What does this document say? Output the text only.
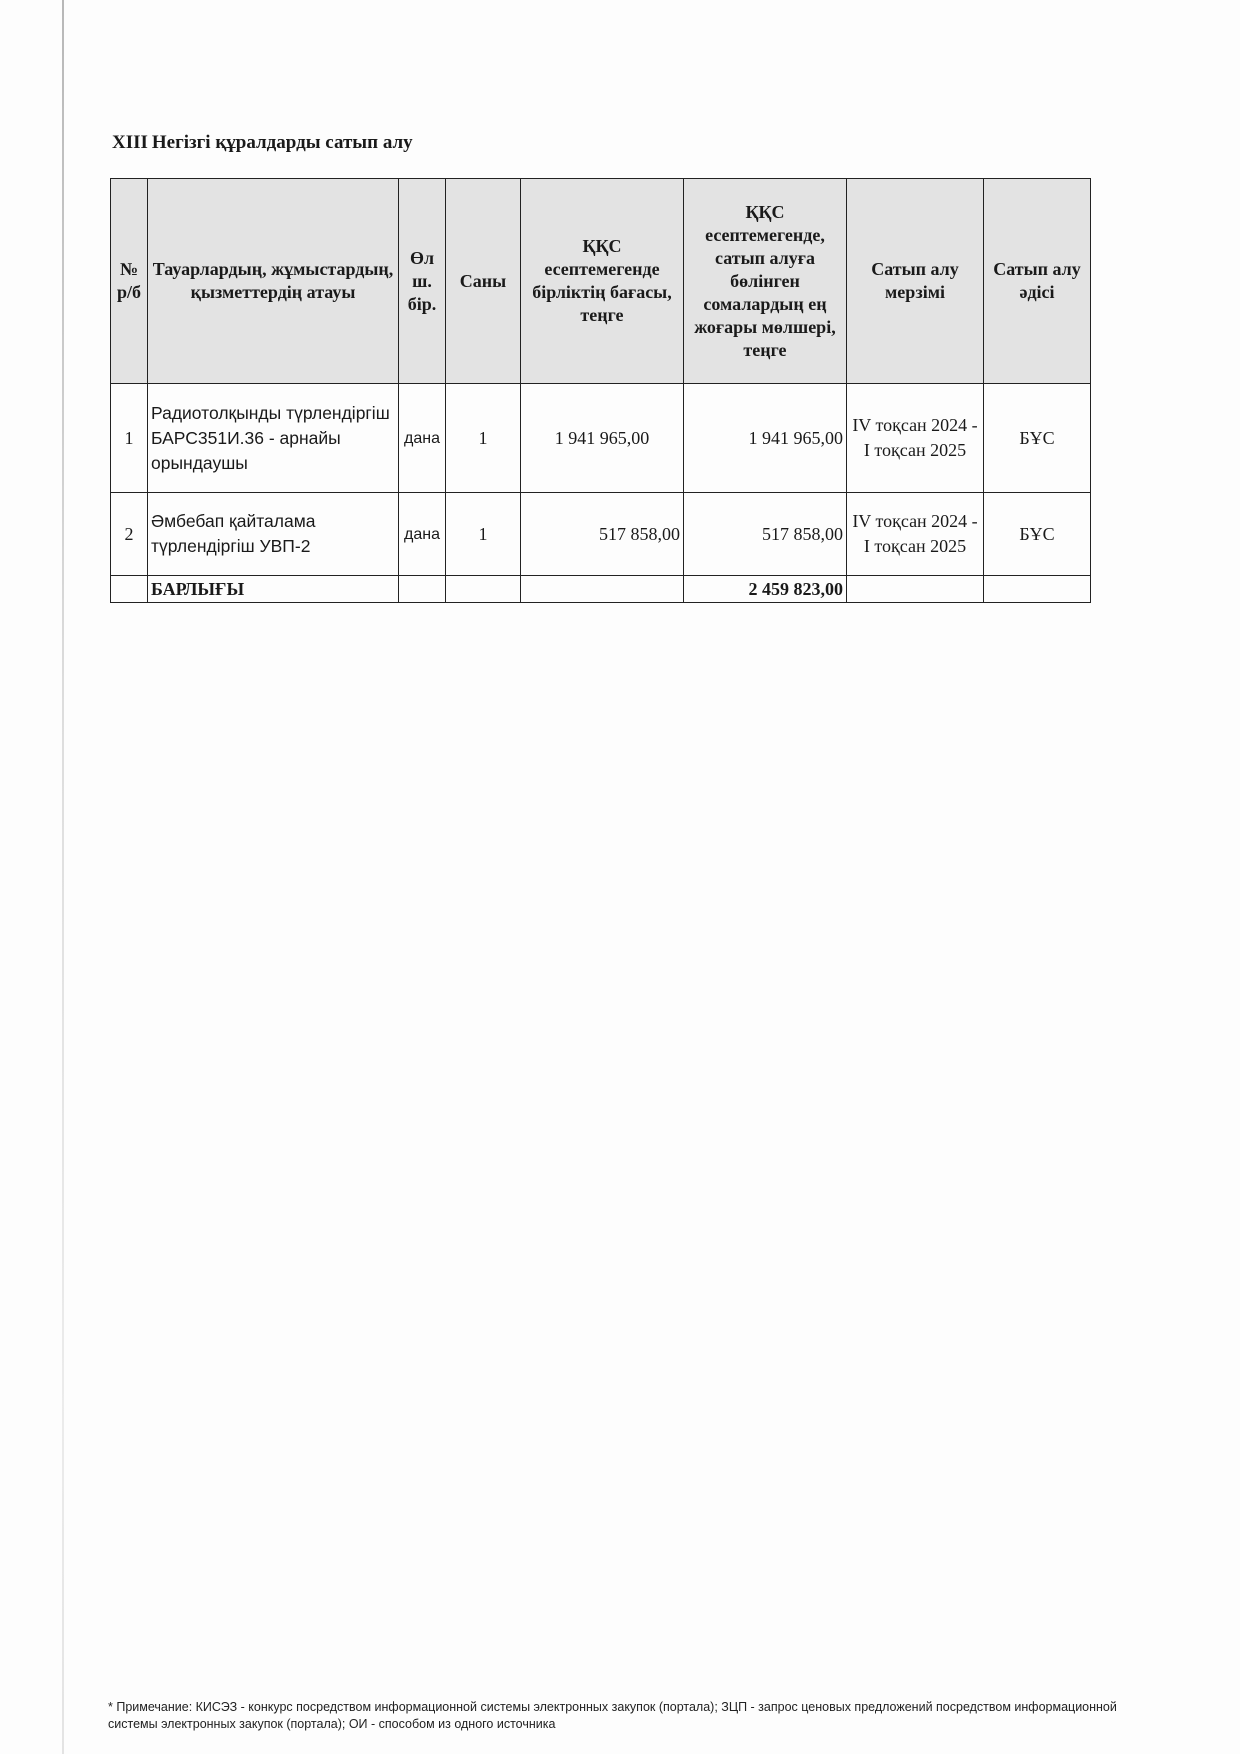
XIII Негізгі құралдарды сатып алу
№ р/б	Тауарлардың, жұмыстардың, қызметтердің атауы	Өл ш. бір.	Саны	ҚҚС есептемегенде бірліктің бағасы, теңге	ҚҚС есептемегенде, сатып алуға бөлінген сомалардың ең жоғары мөлшері, теңге	Сатып алу мерзімі	Сатып алу әдісі
1	Радиотолқынды түрлендіргіш БАРС351И.36 - арнайы орындаушы	дана	1	1 941 965,00	1 941 965,00	IV тоқсан 2024 - I тоқсан 2025	БҰС
2	Әмбебап қайталама түрлендіргіш УВП-2	дана	1	517 858,00	517 858,00	IV тоқсан 2024 - I тоқсан 2025	БҰС
	БАРЛЫҒЫ				2 459 823,00		
* Примечание: КИСЭЗ - конкурс посредством информационной системы электронных закупок (портала); ЗЦП - запрос ценовых предложений посредством информационной системы электронных закупок (портала); ОИ - способом из одного источника
